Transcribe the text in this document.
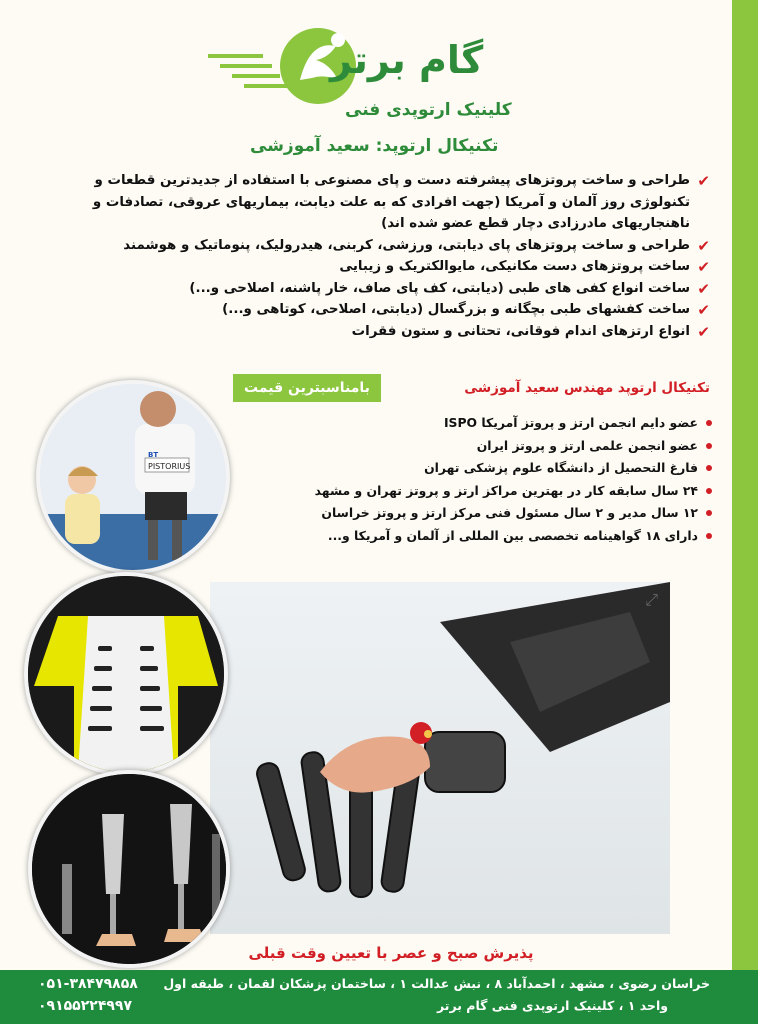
گام برتر
کلینیک ارتوپدی فنی
تکنیکال ارتوپد: سعید آموزشی
✔
طراحی و ساخت پروتزهای پیشرفته دست و پای مصنوعی با استفاده از جدیدترین قطعات و تکنولوژی روز آلمان و آمریکا (جهت افرادی که به علت دیابت، بیماریهای عروقی، تصادفات و ناهنجاریهای مادرزادی دچار قطع عضو شده اند)
✔
طراحی و ساخت پروتزهای پای دیابتی، ورزشی، کربنی، هیدرولیک، پنوماتیک و هوشمند
✔
ساخت پروتزهای دست مکانیکی، مایوالکتریک و زیبایی
✔
ساخت انواع کفی های طبی (دیابتی، کف پای صاف، خار پاشنه، اصلاحی و...)
✔
ساخت کفشهای طبی بچگانه و بزرگسال (دیابتی، اصلاحی، کوتاهی و...)
✔
انواع ارتزهای اندام فوقانی، تحتانی و ستون فقرات
بامناسبترین قیمت	تکنیکال ارتوپد مهندس سعید آموزشی
عضو دایم انجمن ارتز و پروتز آمریکا ISPO
عضو انجمن علمی ارتز و پروتز ایران
فارغ التحصیل از دانشگاه علوم پزشکی تهران
۲۴ سال سابقه کار در بهترین مراکز ارتز و پروتز تهران و مشهد
۱۲ سال مدیر و ۲ سال مسئول فنی مرکز ارتز و پروتز خراسان
دارای ۱۸ گواهینامه تخصصی بین المللی از آلمان و آمریکا و...
⤢
PISTORIUS
BT
پذیرش صبح و عصر با تعیین وقت قبلی
خراسان رضوی ، مشهد ، احمدآباد ۸ ، نبش عدالت ۱ ، ساختمان پزشکان لقمان ، طبقه اول
واحد ۱ ، کلینیک ارتوپدی فنی گام برتر
۰۵۱-۳۸۴۷۹۸۵۸
۰۹۱۵۵۲۲۴۹۹۷
